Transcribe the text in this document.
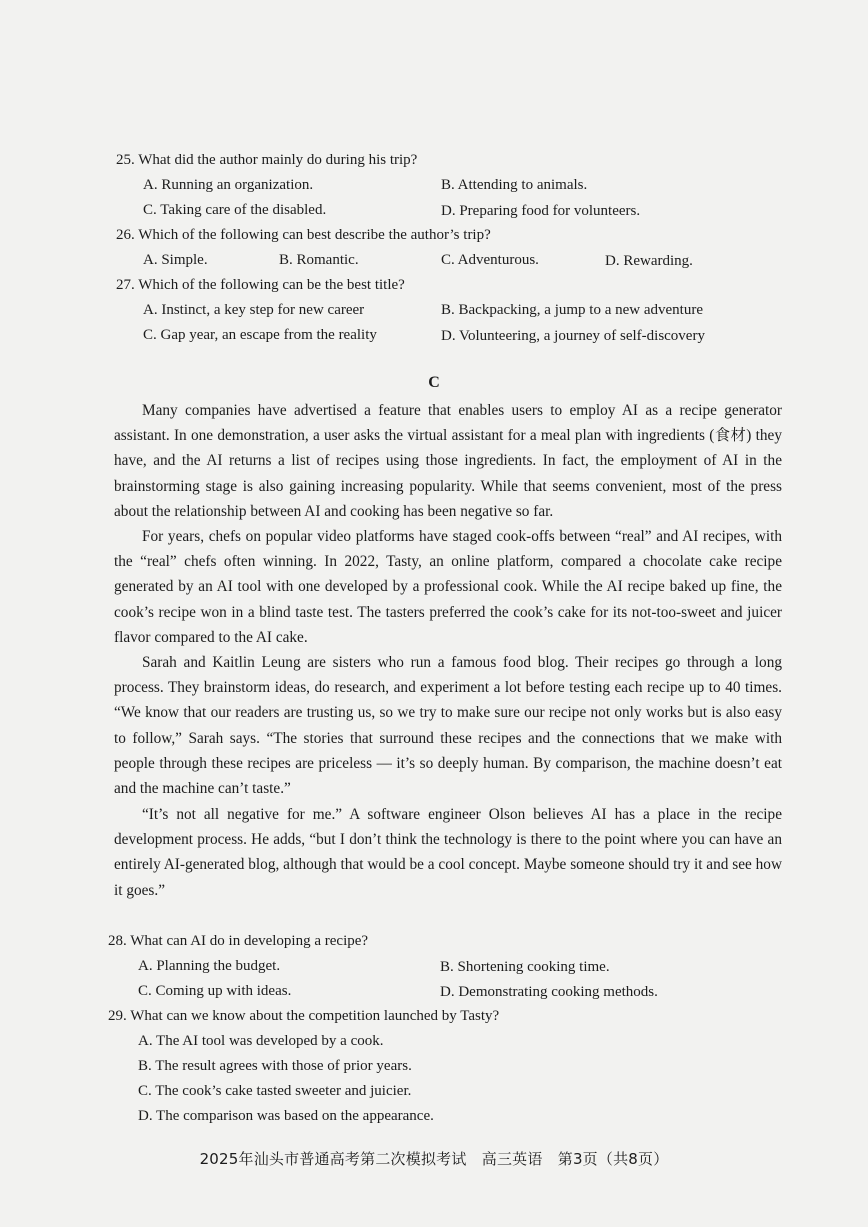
25. What did the author mainly do during his trip?
A. Running an organization.	B. Attending to animals.
C. Taking care of the disabled.	D. Preparing food for volunteers.
26. Which of the following can best describe the author’s trip?
A. Simple.	B. Romantic.	C. Adventurous.	D. Rewarding.
27. Which of the following can be the best title?
A. Instinct, a key step for new career	B. Backpacking, a jump to a new adventure
C. Gap year, an escape from the reality	D. Volunteering, a journey of self-discovery
C

Many companies have advertised a feature that enables users to employ AI as a recipe generator assistant. In one demonstration, a user asks the virtual assistant for a meal plan with ingredients (食材) they have, and the AI returns a list of recipes using those ingredients. In fact, the employment of AI in the brainstorming stage is also gaining increasing popularity. While that seems convenient, most of the press about the relationship between AI and cooking has been negative so far.

For years, chefs on popular video platforms have staged cook-offs between “real” and AI recipes, with the “real” chefs often winning. In 2022, Tasty, an online platform, compared a chocolate cake recipe generated by an AI tool with one developed by a professional cook. While the AI recipe baked up fine, the cook’s recipe won in a blind taste test. The tasters preferred the cook’s cake for its not-too-sweet and juicer flavor compared to the AI cake.

Sarah and Kaitlin Leung are sisters who run a famous food blog. Their recipes go through a long process. They brainstorm ideas, do research, and experiment a lot before testing each recipe up to 40 times. “We know that our readers are trusting us, so we try to make sure our recipe not only works but is also easy to follow,” Sarah says. “The stories that surround these recipes and the connections that we make with people through these recipes are priceless — it’s so deeply human. By comparison, the machine doesn’t eat and the machine can’t taste.”

“It’s not all negative for me.” A software engineer Olson believes AI has a place in the recipe development process. He adds, “but I don’t think the technology is there to the point where you can have an entirely AI-generated blog, although that would be a cool concept. Maybe someone should try it and see how it goes.”

28. What can AI do in developing a recipe?
A. Planning the budget.	B. Shortening cooking time.
C. Coming up with ideas.	D. Demonstrating cooking methods.
29. What can we know about the competition launched by Tasty?
A. The AI tool was developed by a cook.
B. The result agrees with those of prior years.
C. The cook’s cake tasted sweeter and juicier.
D. The comparison was based on the appearance.
2025年汕头市普通高考第二次模拟考试　高三英语　第3页（共8页）
